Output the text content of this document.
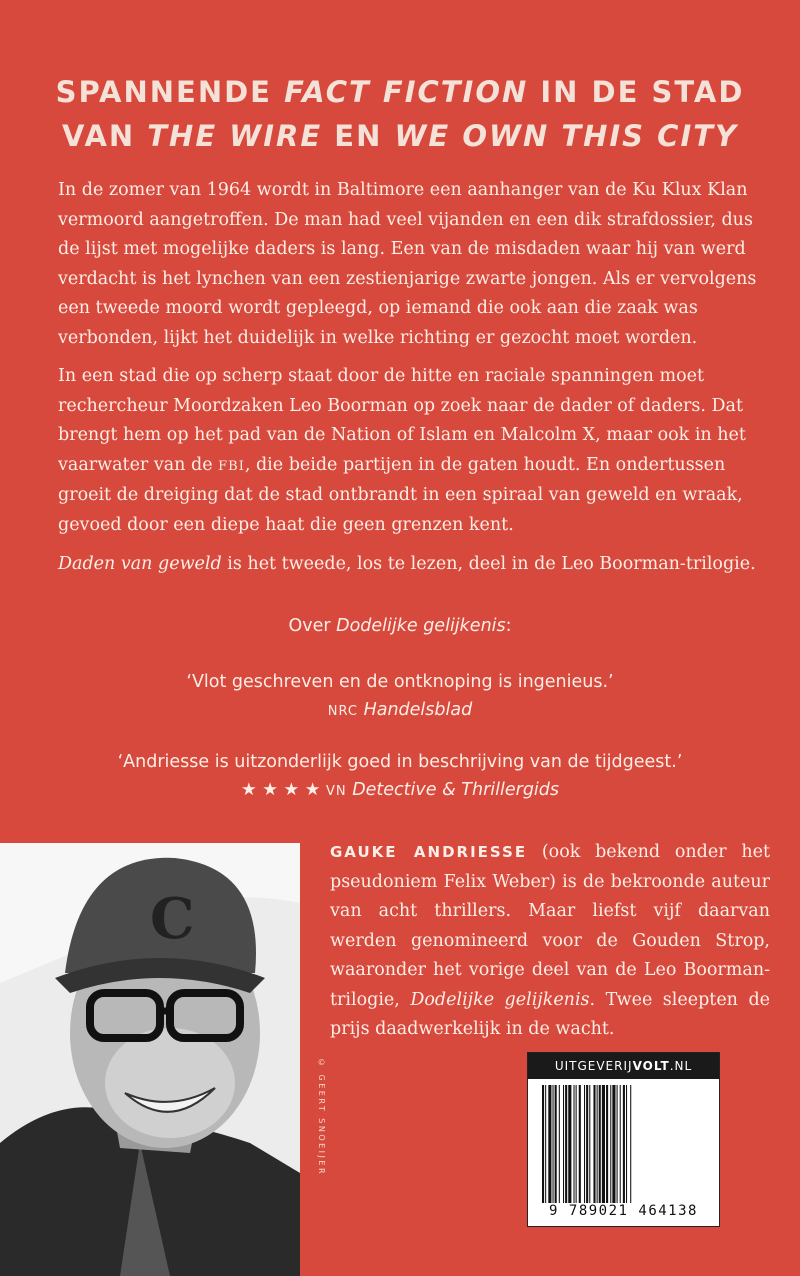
SPANNENDE FACT FICTION IN DE STAD
VAN THE WIRE EN WE OWN THIS CITY
In de zomer van 1964 wordt in Baltimore een aanhanger van de Ku Klux Klan vermoord aangetroffen. De man had veel vijanden en een dik strafdossier, dus de lijst met mogelijke daders is lang. Een van de misdaden waar hij van werd verdacht is het lynchen van een zestienjarige zwarte jongen. Als er vervolgens een tweede moord wordt gepleegd, op iemand die ook aan die zaak was verbonden, lijkt het duidelijk in welke richting er gezocht moet worden.
In een stad die op scherp staat door de hitte en raciale spanningen moet rechercheur Moordzaken Leo Boorman op zoek naar de dader of daders. Dat brengt hem op het pad van de Nation of Islam en Malcolm X, maar ook in het vaarwater van de FBI, die beide partijen in de gaten houdt. En ondertussen groeit de dreiging dat de stad ontbrandt in een spiraal van geweld en wraak, gevoed door een diepe haat die geen grenzen kent.
Daden van geweld is het tweede, los te lezen, deel in de Leo Boorman-trilogie.
Over Dodelijke gelijkenis:
‘Vlot geschreven en de ontknoping is ingenieus.’
NRC Handelsblad
‘Andriesse is uitzonderlijk goed in beschrijving van de tijdgeest.’
★ ★ ★ ★ VN Detective & Thrillergids
C
© GEERT SNOEIJER
GAUKE ANDRIESSE (ook bekend onder het pseudoniem Felix Weber) is de bekroonde auteur van acht thrillers. Maar liefst vijf daarvan werden genomineerd voor de Gouden Strop, waaronder het vorige deel van de Leo Boorman-trilogie, Dodelijke gelijkenis. Twee sleepten de prijs daadwerkelijk in de wacht.
UITGEVERIJVOLT.NL
9 789021 464138
